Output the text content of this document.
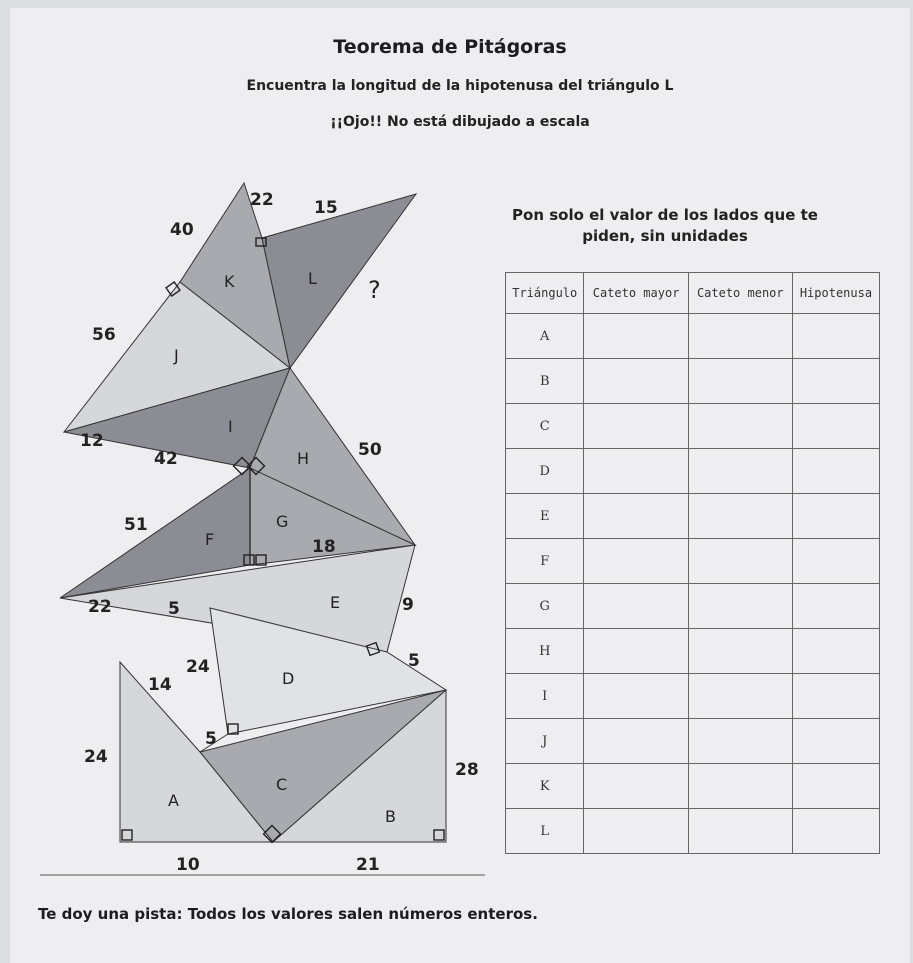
Teorema de Pitágoras
Encuentra la longitud de la hipotenusa del triángulo L
¡¡Ojo!! No está dibujado a escala
Pon solo el valor de los lados que te piden, sin unidades
K	L
J
I
H
G
F
E
D
C
A
B
22 15
40
?
56
12
42	50
51
18
22	5	9
14
24	5
24
5
28
10	21
Triángulo	Cateto mayor	Cateto menor	Hipotenusa
A			
B			
C			
D			
E			
F			
G			
H			
I			
J			
K			
L			
Te doy una pista: Todos los valores salen números enteros.
